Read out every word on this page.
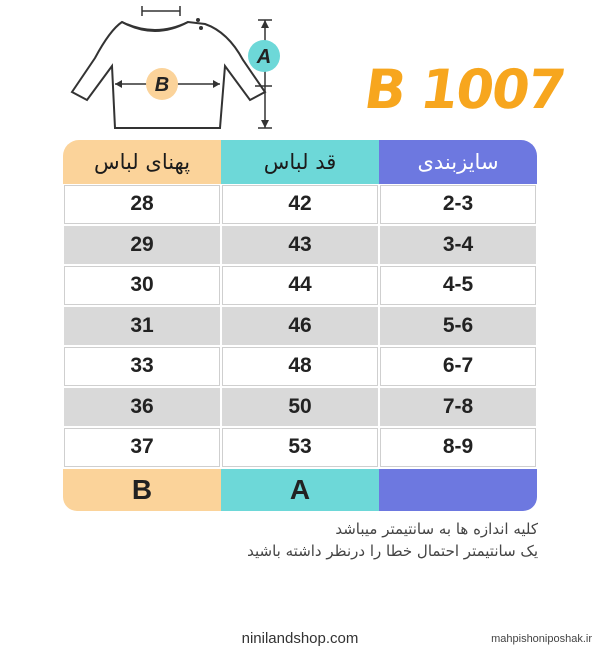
B
A
B 1007
پهنای لباس	قد لباس	سایزبندی
28	42	2-3
29	43	3-4
30	44	4-5
31	46	5-6
33	48	6-7
36	50	7-8
37	53	8-9
B	A
کلیه اندازه ها به سانتیمتر میباشد
یک سانتیمتر احتمال خطا را درنظر داشته باشید
ninilandshop.com	mahpishoniposhak.ir
